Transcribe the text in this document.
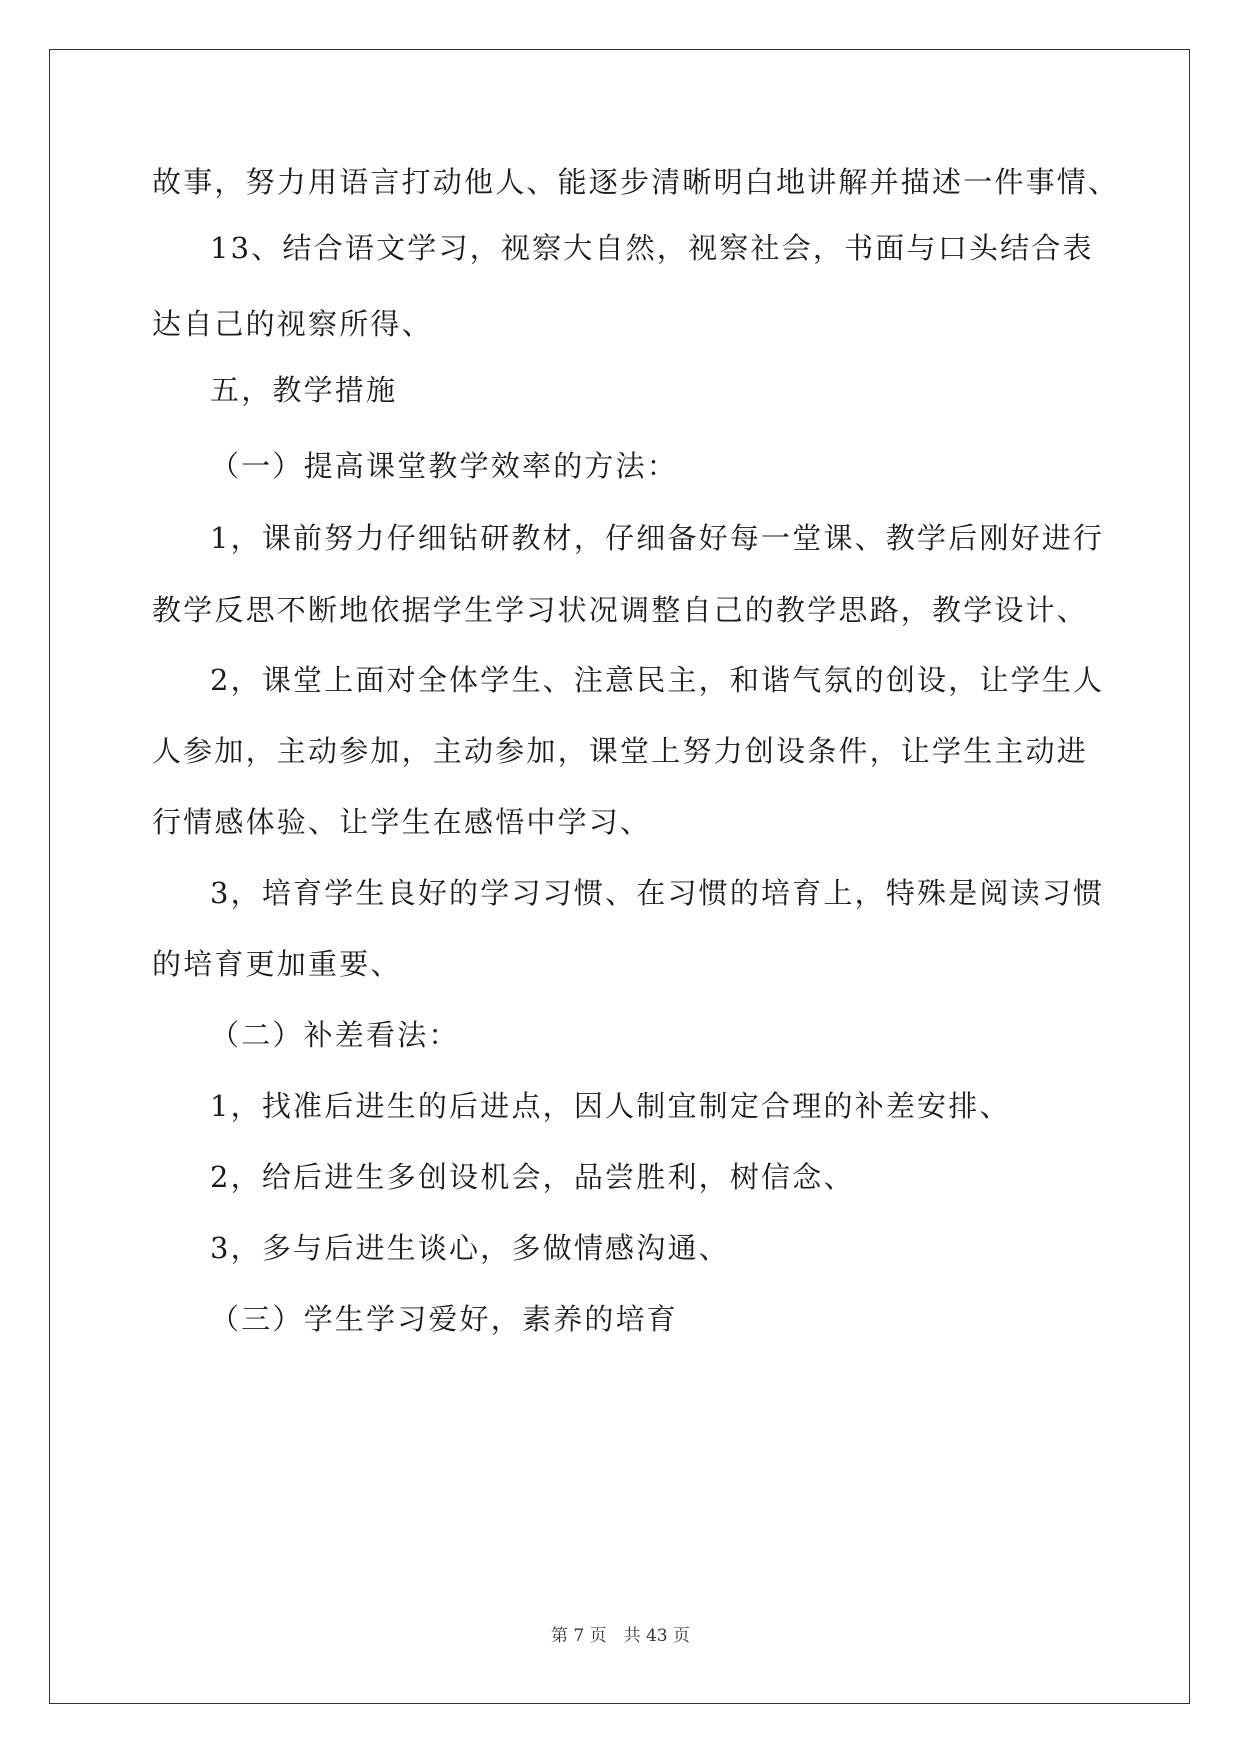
故事，努力用语言打动他人、能逐步清晰明白地讲解并描述一件事情、
13、结合语文学习，视察大自然，视察社会，书面与口头结合表
达自己的视察所得、
五，教学措施
（一）提高课堂教学效率的方法：
1，课前努力仔细钻研教材，仔细备好每一堂课、教学后刚好进行
教学反思不断地依据学生学习状况调整自己的教学思路，教学设计、
2，课堂上面对全体学生、注意民主，和谐气氛的创设，让学生人
人参加，主动参加，主动参加，课堂上努力创设条件，让学生主动进
行情感体验、让学生在感悟中学习、
3，培育学生良好的学习习惯、在习惯的培育上，特殊是阅读习惯
的培育更加重要、
（二）补差看法：
1，找准后进生的后进点，因人制宜制定合理的补差安排、
2，给后进生多创设机会，品尝胜利，树信念、
3，多与后进生谈心，多做情感沟通、
（三）学生学习爱好，素养的培育
第 7 页　共 43 页
